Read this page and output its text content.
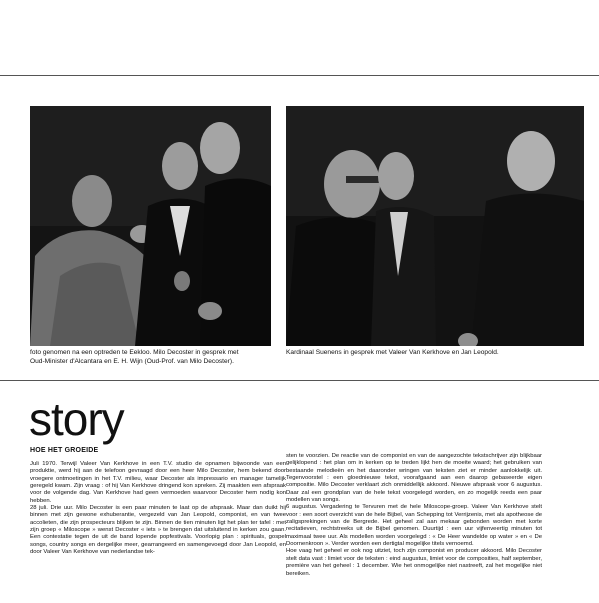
foto genomen na een optreden te Eekloo. Milo Decoster in gesprek met
Oud-Minister d'Alcantara en E. H. Wijn (Oud-Prof. van Milo Decoster).
Kardinaal Suenens in gesprek met Valeer Van Kerkhove en Jan Leopold.
story
HOE HET GROEIDE

Juli 1970. Terwijl Valeer Van Kerkhove in een T.V. studio de opnamen bijwoonde van een produktie, werd hij aan de telefoon gevraagd door een heer Milo Decoster, hem bekend door vroegere ontmoetingen in het T.V. milieu, waar Decoster als impressario en manager tamelijk geregeld kwam. Zijn vraag : of hij Van Kerkhove dringend kon spreken. Zij maakten een afspraak voor de volgende dag. Van Kerkhove had geen vermoeden waarvoor Decoster hem nodig kon hebben.

28 juli. Drie uur. Milo Decoster is een paar minuten te laat op de afspraak. Maar dan duikt hij binnen met zijn gewone exhuberantie, vergezeld van Jan Leopold, componist, en van twee accolieten, die zijn prospecteurs blijken te zijn. Binnen de tien minuten ligt het plan ter tafel : met zijn groep « Miloscope » wenst Decoster « iets » te brengen dat uitsluitend in kerken zou gaan. Een contestatie tegen de uit de band lopende popfestivals. Voorlopig plan : spirituals, gospel songs, country songs en dergelijke meer, gearrangeerd en samengevoegd door Jan Leopold, en door Valeer Van Kerkhove van nederlandse tek-

sten te voorzien. De reactie van de componist en van de aangezochte tekstschrijver zijn blijkbaar gelijklopend : het plan om in kerken op te treden lijkt hen de moeite waard; het gebruiken van bestaande melodieën en het daaronder wringen van teksten ziet er minder aanlokkelijk uit. Tegenvoorstel : een gloednieuwe tekst, voorafgaand aan een daarop gebaseerde eigen compositie. Milo Decoster verklaart zich onmiddellijk akkoord. Nieuwe afspraak voor 6 augustus. Daar zal een grondplan van de hele tekst voorgelegd worden, en zo mogelijk reeds een paar modellen van songs.

6 augustus. Vergadering te Tervuren met de hele Miloscope-groep. Valeer Van Kerkhove stelt voor : een soort overzicht van de hele Bijbel, van Schepping tot Verrijzenis, met als apotheose de zaligsprekingen van de Bergrede. Het geheel zal aan mekaar gebonden worden met korte recitatieven, rechtstreeks uit de Bijbel genomen. Duurtijd : een uur vijfenveertig minuten tot maximaal twee uur. Als modellen worden voorgelegd : « De Heer wandelde op water » en « De Doornenkroon ». Verder worden een dertigtal mogelijke titels vernoemd.

Hoe vaag het geheel er ook nog uitziet, toch zijn componist en producer akkoord. Milo Decoster stelt data vast : limiet voor de teksten : eind augustus, limiet voor de composities, half september, première van het geheel : 1 december. Wie het onmogelijke niet nastreeft, zal het mogelijke niet bereiken.
